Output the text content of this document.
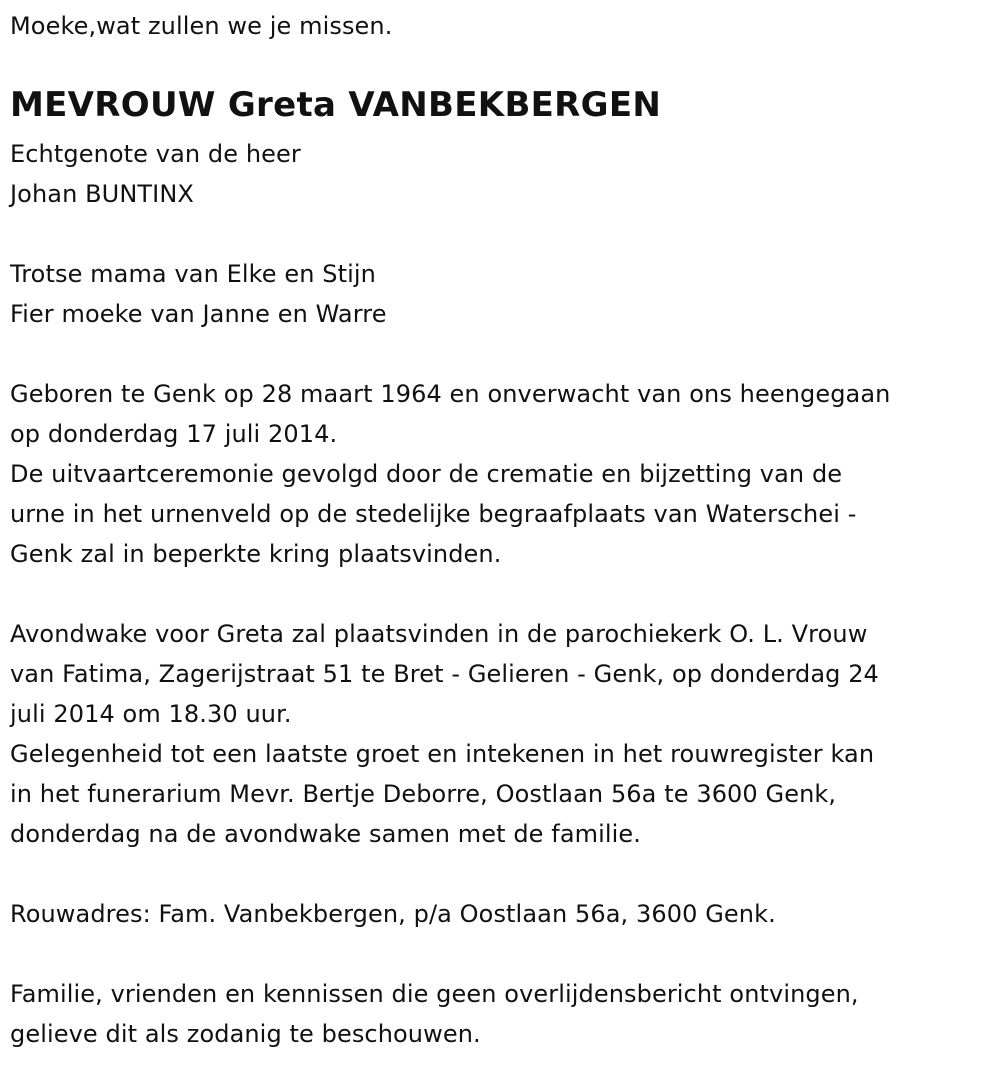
Moeke,wat zullen we je missen.
MEVROUW Greta VANBEKBERGEN
Echtgenote van de heer
Johan BUNTINX
Trotse mama van Elke en Stijn
Fier moeke van Janne en Warre
Geboren te Genk op 28 maart 1964 en onverwacht van ons heengegaan
op donderdag 17 juli 2014.
De uitvaartceremonie gevolgd door de crematie en bijzetting van de
urne in het urnenveld op de stedelijke begraafplaats van Waterschei -
Genk zal in beperkte kring plaatsvinden.
Avondwake voor Greta zal plaatsvinden in de parochiekerk O. L. Vrouw
van Fatima, Zagerijstraat 51 te Bret - Gelieren - Genk, op donderdag 24
juli 2014 om 18.30 uur.
Gelegenheid tot een laatste groet en intekenen in het rouwregister kan
in het funerarium Mevr. Bertje Deborre, Oostlaan 56a te 3600 Genk,
donderdag na de avondwake samen met de familie.
Rouwadres: Fam. Vanbekbergen, p/a Oostlaan 56a, 3600 Genk.
Familie, vrienden en kennissen die geen overlijdensbericht ontvingen,
gelieve dit als zodanig te beschouwen.
